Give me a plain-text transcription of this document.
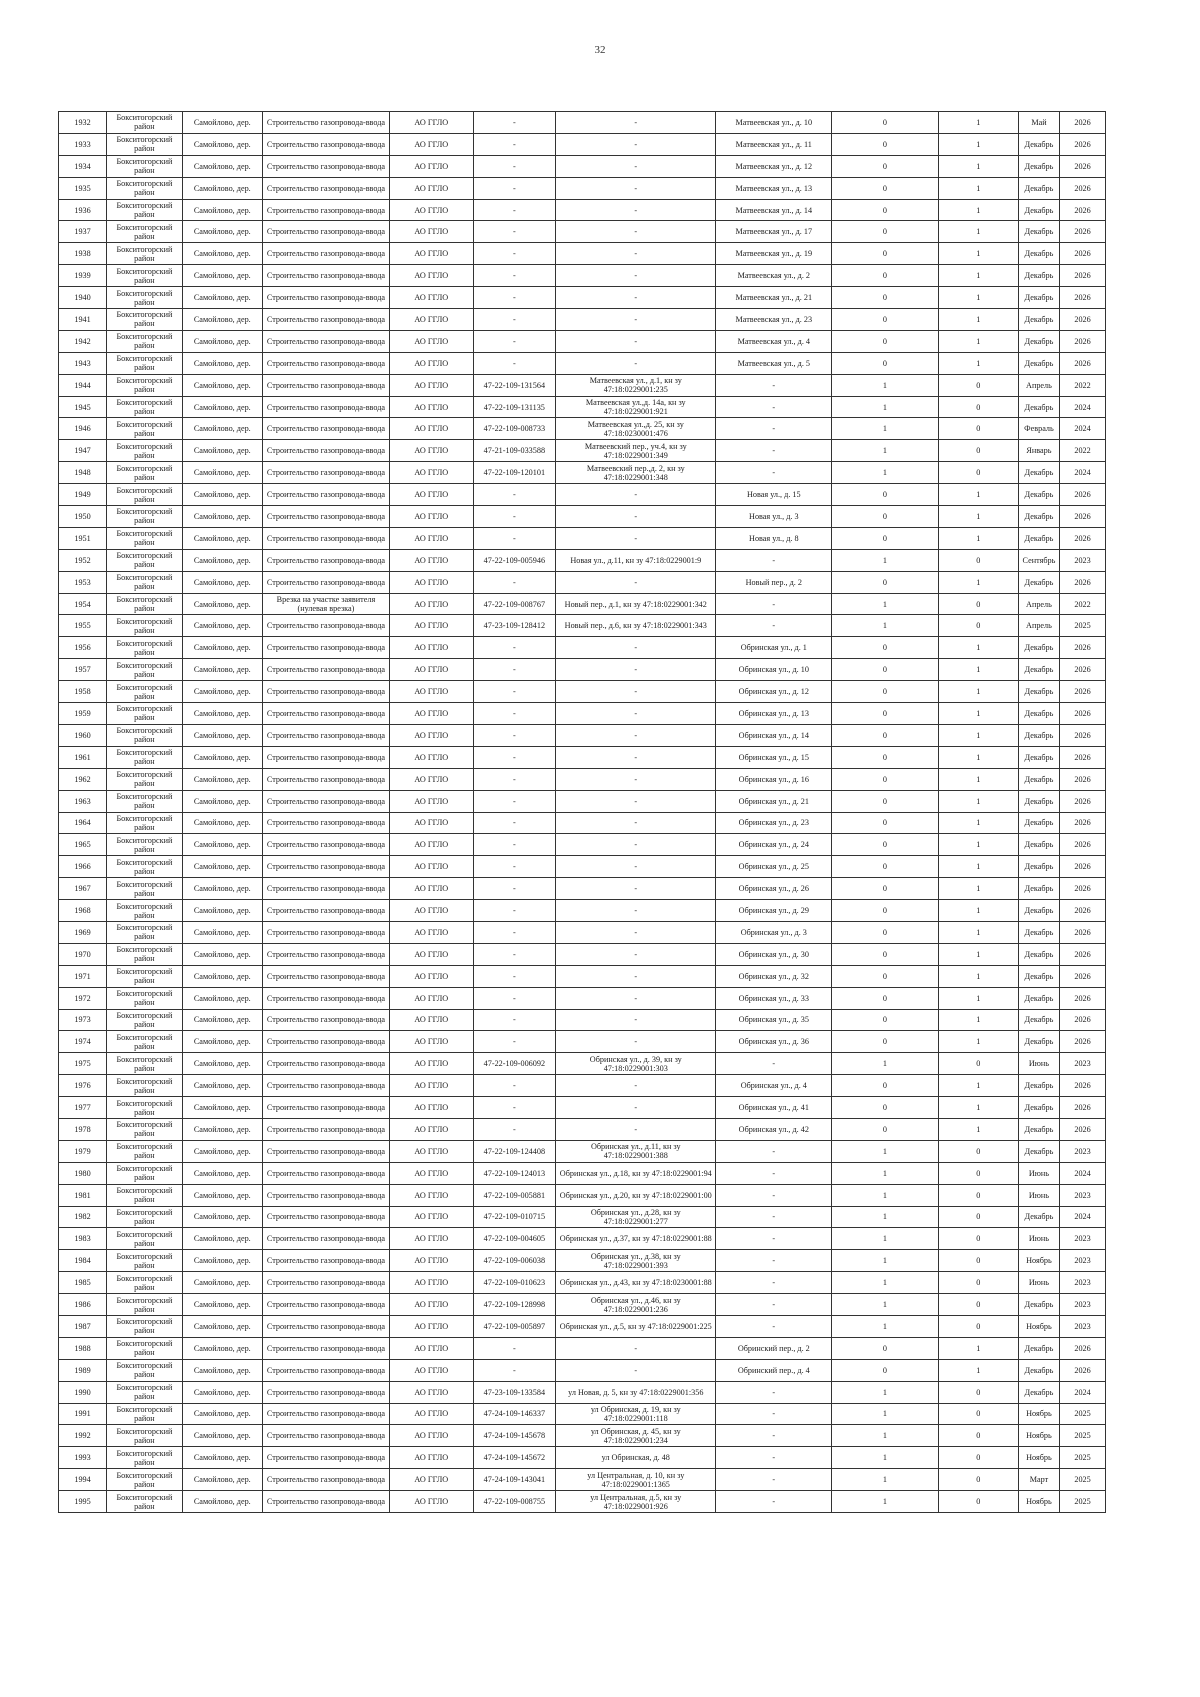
32
1932	Бокситогорский район	Самойлово, дер.	Строительство газопровода-ввода	АО ГГЛО	-	-	Матвеевская ул., д. 10	0	1	Май	2026
1933	Бокситогорский район	Самойлово, дер.	Строительство газопровода-ввода	АО ГГЛО	-	-	Матвеевская ул., д. 11	0	1	Декабрь	2026
1934	Бокситогорский район	Самойлово, дер.	Строительство газопровода-ввода	АО ГГЛО	-	-	Матвеевская ул., д. 12	0	1	Декабрь	2026
1935	Бокситогорский район	Самойлово, дер.	Строительство газопровода-ввода	АО ГГЛО	-	-	Матвеевская ул., д. 13	0	1	Декабрь	2026
1936	Бокситогорский район	Самойлово, дер.	Строительство газопровода-ввода	АО ГГЛО	-	-	Матвеевская ул., д. 14	0	1	Декабрь	2026
1937	Бокситогорский район	Самойлово, дер.	Строительство газопровода-ввода	АО ГГЛО	-	-	Матвеевская ул., д. 17	0	1	Декабрь	2026
1938	Бокситогорский район	Самойлово, дер.	Строительство газопровода-ввода	АО ГГЛО	-	-	Матвеевская ул., д. 19	0	1	Декабрь	2026
1939	Бокситогорский район	Самойлово, дер.	Строительство газопровода-ввода	АО ГГЛО	-	-	Матвеевская ул., д. 2	0	1	Декабрь	2026
1940	Бокситогорский район	Самойлово, дер.	Строительство газопровода-ввода	АО ГГЛО	-	-	Матвеевская ул., д. 21	0	1	Декабрь	2026
1941	Бокситогорский район	Самойлово, дер.	Строительство газопровода-ввода	АО ГГЛО	-	-	Матвеевская ул., д. 23	0	1	Декабрь	2026
1942	Бокситогорский район	Самойлово, дер.	Строительство газопровода-ввода	АО ГГЛО	-	-	Матвеевская ул., д. 4	0	1	Декабрь	2026
1943	Бокситогорский район	Самойлово, дер.	Строительство газопровода-ввода	АО ГГЛО	-	-	Матвеевская ул., д. 5	0	1	Декабрь	2026
1944	Бокситогорский район	Самойлово, дер.	Строительство газопровода-ввода	АО ГГЛО	47-22-109-131564	Матвеевская ул., д.1, кн зу 47:18:0229001:235	-	1	0	Апрель	2022
1945	Бокситогорский район	Самойлово, дер.	Строительство газопровода-ввода	АО ГГЛО	47-22-109-131135	Матвеевская ул.,д. 14а, кн зу 47:18:0229001:921	-	1	0	Декабрь	2024
1946	Бокситогорский район	Самойлово, дер.	Строительство газопровода-ввода	АО ГГЛО	47-22-109-008733	Матвеевская ул.,д. 25, кн зу 47:18:0230001:476	-	1	0	Февраль	2024
1947	Бокситогорский район	Самойлово, дер.	Строительство газопровода-ввода	АО ГГЛО	47-21-109-033588	Матвеевский пер., уч.4, кн зу 47:18:0229001:349	-	1	0	Январь	2022
1948	Бокситогорский район	Самойлово, дер.	Строительство газопровода-ввода	АО ГГЛО	47-22-109-120101	Матвеевский пер.,д. 2, кн зу 47:18:0229001:348	-	1	0	Декабрь	2024
1949	Бокситогорский район	Самойлово, дер.	Строительство газопровода-ввода	АО ГГЛО	-	-	Новая ул., д. 15	0	1	Декабрь	2026
1950	Бокситогорский район	Самойлово, дер.	Строительство газопровода-ввода	АО ГГЛО	-	-	Новая ул., д. 3	0	1	Декабрь	2026
1951	Бокситогорский район	Самойлово, дер.	Строительство газопровода-ввода	АО ГГЛО	-	-	Новая ул., д. 8	0	1	Декабрь	2026
1952	Бокситогорский район	Самойлово, дер.	Строительство газопровода-ввода	АО ГГЛО	47-22-109-005946	Новая ул., д.11, кн зу 47:18:0229001:9	-	1	0	Сентябрь	2023
1953	Бокситогорский район	Самойлово, дер.	Строительство газопровода-ввода	АО ГГЛО	-	-	Новый пер., д. 2	0	1	Декабрь	2026
1954	Бокситогорский район	Самойлово, дер.	Врезка на участке заявителя (нулевая врезка)	АО ГГЛО	47-22-109-008767	Новый пер., д.1, кн зу 47:18:0229001:342	-	1	0	Апрель	2022
1955	Бокситогорский район	Самойлово, дер.	Строительство газопровода-ввода	АО ГГЛО	47-23-109-128412	Новый пер., д.6, кн зу 47:18:0229001:343	-	1	0	Апрель	2025
1956	Бокситогорский район	Самойлово, дер.	Строительство газопровода-ввода	АО ГГЛО	-	-	Обринская ул., д. 1	0	1	Декабрь	2026
1957	Бокситогорский район	Самойлово, дер.	Строительство газопровода-ввода	АО ГГЛО	-	-	Обринская ул., д. 10	0	1	Декабрь	2026
1958	Бокситогорский район	Самойлово, дер.	Строительство газопровода-ввода	АО ГГЛО	-	-	Обринская ул., д. 12	0	1	Декабрь	2026
1959	Бокситогорский район	Самойлово, дер.	Строительство газопровода-ввода	АО ГГЛО	-	-	Обринская ул., д. 13	0	1	Декабрь	2026
1960	Бокситогорский район	Самойлово, дер.	Строительство газопровода-ввода	АО ГГЛО	-	-	Обринская ул., д. 14	0	1	Декабрь	2026
1961	Бокситогорский район	Самойлово, дер.	Строительство газопровода-ввода	АО ГГЛО	-	-	Обринская ул., д. 15	0	1	Декабрь	2026
1962	Бокситогорский район	Самойлово, дер.	Строительство газопровода-ввода	АО ГГЛО	-	-	Обринская ул., д. 16	0	1	Декабрь	2026
1963	Бокситогорский район	Самойлово, дер.	Строительство газопровода-ввода	АО ГГЛО	-	-	Обринская ул., д. 21	0	1	Декабрь	2026
1964	Бокситогорский район	Самойлово, дер.	Строительство газопровода-ввода	АО ГГЛО	-	-	Обринская ул., д. 23	0	1	Декабрь	2026
1965	Бокситогорский район	Самойлово, дер.	Строительство газопровода-ввода	АО ГГЛО	-	-	Обринская ул., д. 24	0	1	Декабрь	2026
1966	Бокситогорский район	Самойлово, дер.	Строительство газопровода-ввода	АО ГГЛО	-	-	Обринская ул., д. 25	0	1	Декабрь	2026
1967	Бокситогорский район	Самойлово, дер.	Строительство газопровода-ввода	АО ГГЛО	-	-	Обринская ул., д. 26	0	1	Декабрь	2026
1968	Бокситогорский район	Самойлово, дер.	Строительство газопровода-ввода	АО ГГЛО	-	-	Обринская ул., д. 29	0	1	Декабрь	2026
1969	Бокситогорский район	Самойлово, дер.	Строительство газопровода-ввода	АО ГГЛО	-	-	Обринская ул., д. 3	0	1	Декабрь	2026
1970	Бокситогорский район	Самойлово, дер.	Строительство газопровода-ввода	АО ГГЛО	-	-	Обринская ул., д. 30	0	1	Декабрь	2026
1971	Бокситогорский район	Самойлово, дер.	Строительство газопровода-ввода	АО ГГЛО	-	-	Обринская ул., д. 32	0	1	Декабрь	2026
1972	Бокситогорский район	Самойлово, дер.	Строительство газопровода-ввода	АО ГГЛО	-	-	Обринская ул., д. 33	0	1	Декабрь	2026
1973	Бокситогорский район	Самойлово, дер.	Строительство газопровода-ввода	АО ГГЛО	-	-	Обринская ул., д. 35	0	1	Декабрь	2026
1974	Бокситогорский район	Самойлово, дер.	Строительство газопровода-ввода	АО ГГЛО	-	-	Обринская ул., д. 36	0	1	Декабрь	2026
1975	Бокситогорский район	Самойлово, дер.	Строительство газопровода-ввода	АО ГГЛО	47-22-109-006092	Обринская ул., д. 39, кн зу 47:18:0229001:303	-	1	0	Июнь	2023
1976	Бокситогорский район	Самойлово, дер.	Строительство газопровода-ввода	АО ГГЛО	-	-	Обринская ул., д. 4	0	1	Декабрь	2026
1977	Бокситогорский район	Самойлово, дер.	Строительство газопровода-ввода	АО ГГЛО	-	-	Обринская ул., д. 41	0	1	Декабрь	2026
1978	Бокситогорский район	Самойлово, дер.	Строительство газопровода-ввода	АО ГГЛО	-	-	Обринская ул., д. 42	0	1	Декабрь	2026
1979	Бокситогорский район	Самойлово, дер.	Строительство газопровода-ввода	АО ГГЛО	47-22-109-124408	Обринская ул., д.11, кн зу 47:18:0229001:388	-	1	0	Декабрь	2023
1980	Бокситогорский район	Самойлово, дер.	Строительство газопровода-ввода	АО ГГЛО	47-22-109-124013	Обринская ул., д.18, кн зу 47:18:0229001:94	-	1	0	Июнь	2024
1981	Бокситогорский район	Самойлово, дер.	Строительство газопровода-ввода	АО ГГЛО	47-22-109-005881	Обринская ул., д.20, кн зу 47:18:0229001:00	-	1	0	Июнь	2023
1982	Бокситогорский район	Самойлово, дер.	Строительство газопровода-ввода	АО ГГЛО	47-22-109-010715	Обринская ул., д.28, кн зу 47:18:0229001:277	-	1	0	Декабрь	2024
1983	Бокситогорский район	Самойлово, дер.	Строительство газопровода-ввода	АО ГГЛО	47-22-109-004605	Обринская ул., д.37, кн зу 47:18:0229001:88	-	1	0	Июнь	2023
1984	Бокситогорский район	Самойлово, дер.	Строительство газопровода-ввода	АО ГГЛО	47-22-109-006038	Обринская ул., д.38, кн зу 47:18:0229001:393	-	1	0	Ноябрь	2023
1985	Бокситогорский район	Самойлово, дер.	Строительство газопровода-ввода	АО ГГЛО	47-22-109-010623	Обринская ул., д.43, кн зу 47:18:0230001:88	-	1	0	Июнь	2023
1986	Бокситогорский район	Самойлово, дер.	Строительство газопровода-ввода	АО ГГЛО	47-22-109-128998	Обринская ул., д.46, кн зу 47:18:0229001:236	-	1	0	Декабрь	2023
1987	Бокситогорский район	Самойлово, дер.	Строительство газопровода-ввода	АО ГГЛО	47-22-109-005897	Обринская ул., д.5, кн зу 47:18:0229001:225	-	1	0	Ноябрь	2023
1988	Бокситогорский район	Самойлово, дер.	Строительство газопровода-ввода	АО ГГЛО	-	-	Обринский пер., д. 2	0	1	Декабрь	2026
1989	Бокситогорский район	Самойлово, дер.	Строительство газопровода-ввода	АО ГГЛО	-	-	Обринский пер., д. 4	0	1	Декабрь	2026
1990	Бокситогорский район	Самойлово, дер.	Строительство газопровода-ввода	АО ГГЛО	47-23-109-133584	ул Новая, д. 5, кн зу 47:18:0229001:356	-	1	0	Декабрь	2024
1991	Бокситогорский район	Самойлово, дер.	Строительство газопровода-ввода	АО ГГЛО	47-24-109-146337	ул Обринская, д. 19, кн зу 47:18:0229001:118	-	1	0	Ноябрь	2025
1992	Бокситогорский район	Самойлово, дер.	Строительство газопровода-ввода	АО ГГЛО	47-24-109-145678	ул Обринская, д. 45, кн зу 47:18:0229001:234	-	1	0	Ноябрь	2025
1993	Бокситогорский район	Самойлово, дер.	Строительство газопровода-ввода	АО ГГЛО	47-24-109-145672	ул Обринская, д. 48	-	1	0	Ноябрь	2025
1994	Бокситогорский район	Самойлово, дер.	Строительство газопровода-ввода	АО ГГЛО	47-24-109-143041	ул Центральная, д. 10, кн зу 47:18:0229001:1365	-	1	0	Март	2025
1995	Бокситогорский район	Самойлово, дер.	Строительство газопровода-ввода	АО ГГЛО	47-22-109-008755	ул Центральная, д.5, кн зу 47:18:0229001:926	-	1	0	Ноябрь	2025
